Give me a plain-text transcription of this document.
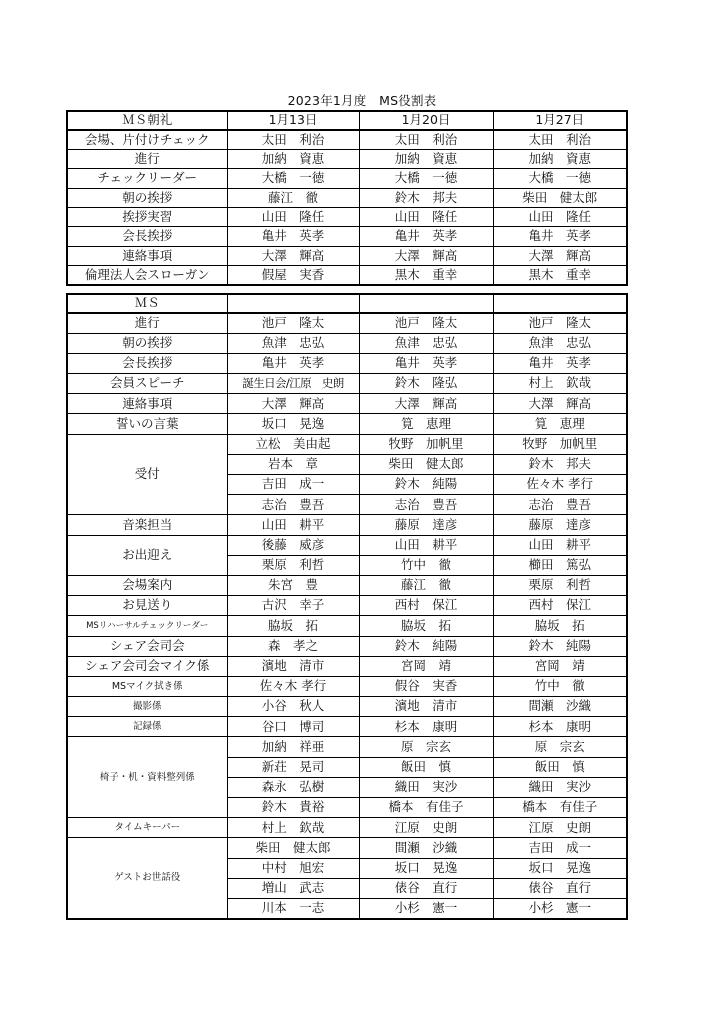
2023年1月度　MS役割表
ＭＳ朝礼	1月13日	1月20日	1月27日
会場、片付けチェック	太田　利治	太田　利治	太田　利治
進行	加納　資恵	加納　資恵	加納　資恵
チェックリーダー	大橋　一徳	大橋　一徳	大橋　一徳
朝の挨拶	藤江　徹	鈴木　邦夫	柴田　健太郎
挨拶実習	山田　隆任	山田　隆任	山田　隆任
会長挨拶	亀井　英孝	亀井　英孝	亀井　英孝
連絡事項	大澤　輝高	大澤　輝高	大澤　輝高
倫理法人会スローガン	假屋　実香	黒木　重幸	黒木　重幸
ＭＳ			
進行	池戸　隆太	池戸　隆太	池戸　隆太
朝の挨拶	魚津　忠弘	魚津　忠弘	魚津　忠弘
会長挨拶	亀井　英孝	亀井　英孝	亀井　英孝
会員スピーチ	誕生日会/江原　史朗	鈴木　隆弘	村上　欽哉
連絡事項	大澤　輝高	大澤　輝高	大澤　輝高
誓いの言葉	坂口　晃逸	筧　恵理	筧　恵理
受付	立松　美由起	牧野　加帆里	牧野　加帆里
	岩本　章	柴田　健太郎	鈴木　邦夫
	吉田　成一	鈴木　純陽	佐々木 孝行
	志治　豊吾	志治　豊吾	志治　豊吾
音楽担当	山田　耕平	藤原　達彦	藤原　達彦
お出迎え	後藤　威彦	山田　耕平	山田　耕平
	栗原　利哲	竹中　徹	櫛田　篤弘
会場案内	朱宮　豊	藤江　徹	栗原　利哲
お見送り	古沢　幸子	西村　保江	西村　保江
MSリハーサルチェックリーダー	脇坂　拓	脇坂　拓	脇坂　拓
シェア会司会	森　孝之	鈴木　純陽	鈴木　純陽
シェア会司会マイク係	濱地　清市	宮岡　靖	宮岡　靖
MSマイク拭き係	佐々木 孝行	假谷　実香	竹中　徹
撮影係	小谷　秋人	濱地　清市	間瀬　沙織
記録係	谷口　博司	杉本　康明	杉本　康明
椅子・机・資料整列係	加納　祥亜	原　宗玄	原　宗玄
	新荘　晃司	飯田　慎	飯田　慎
	森永　弘樹	織田　実沙	織田　実沙
	鈴木　貴裕	橋本　有佳子	橋本　有佳子
タイムキーパー	村上　欽哉	江原　史朗	江原　史朗
ゲストお世話役	柴田　健太郎	間瀬　沙織	吉田　成一
	中村　旭宏	坂口　晃逸	坂口　晃逸
	増山　武志	俵谷　直行	俵谷　直行
	川本　一志	小杉　憲一	小杉　憲一
